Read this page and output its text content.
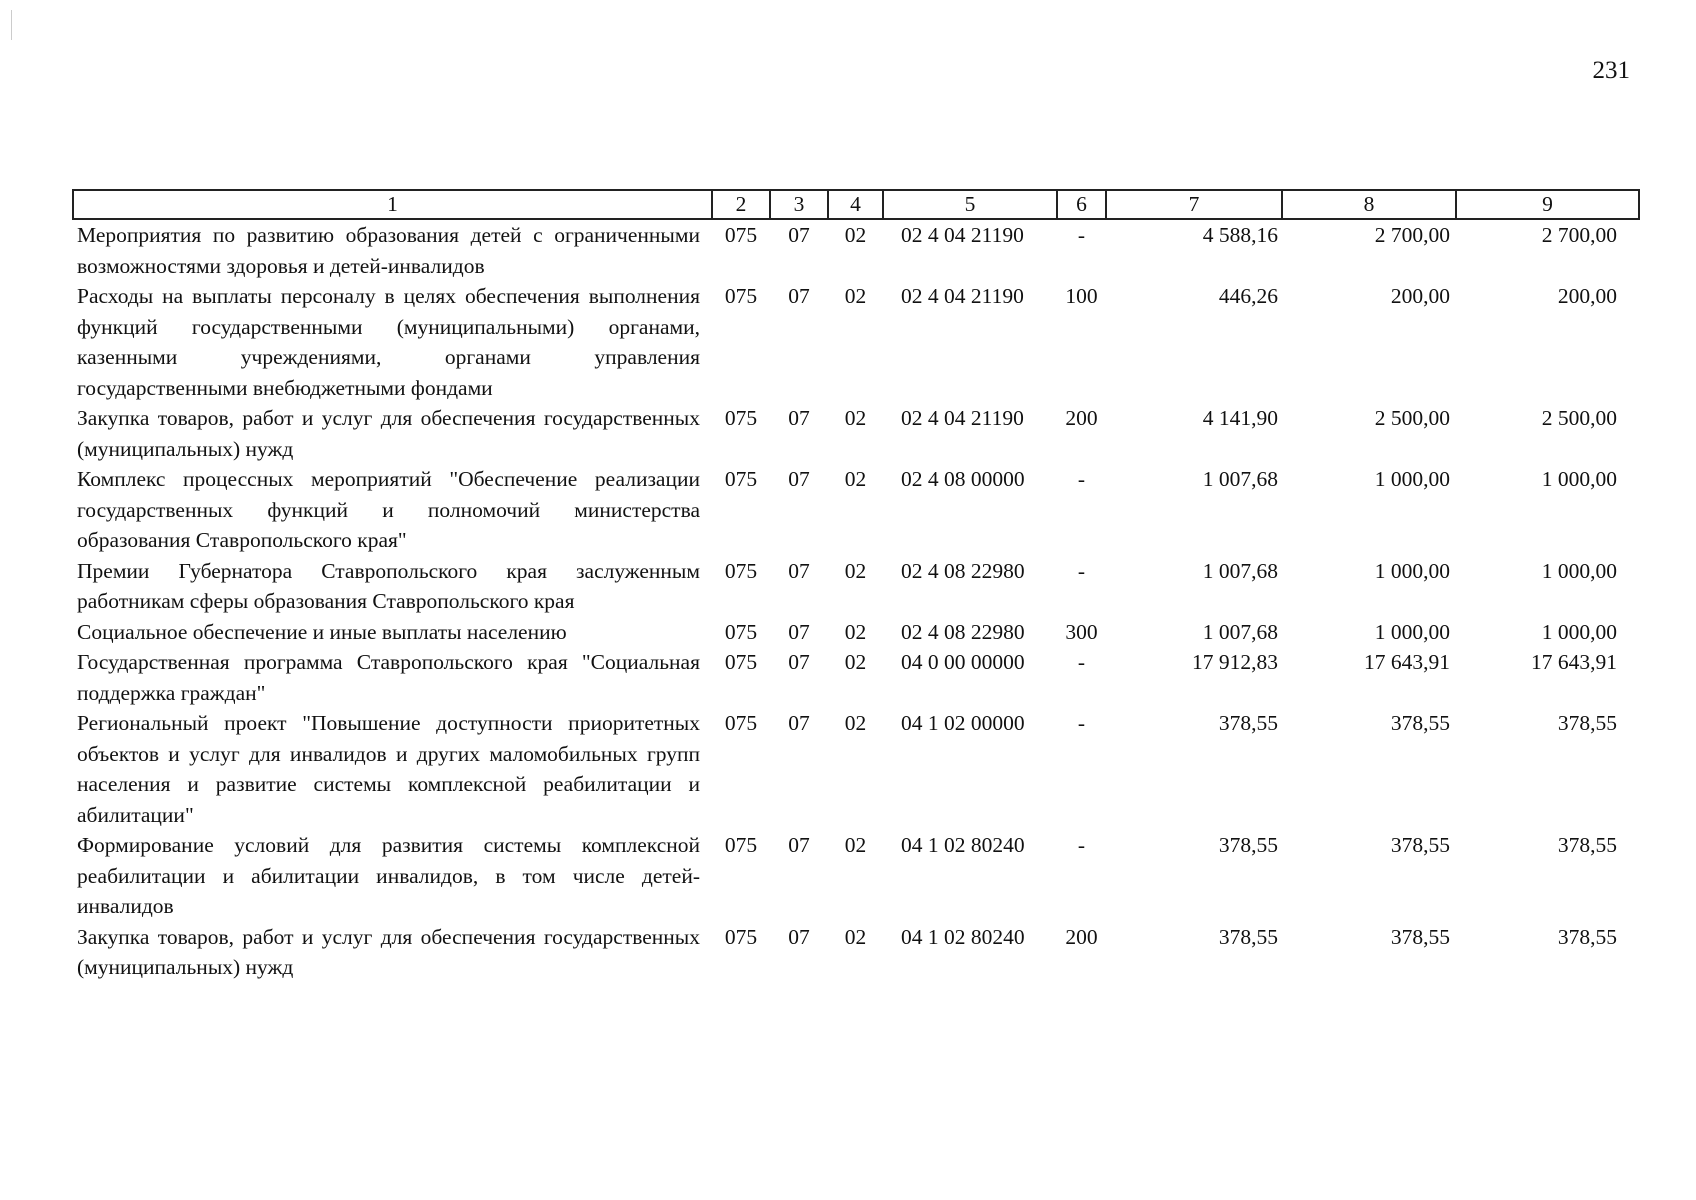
231
1	2	3	4	5	6	7	8	9
Мероприятия по развитию образования детей с ограниченными возможностями здоровья и детей-инвалидов	075	07	02	02 4 04 21190	-	4 588,16	2 700,00	2 700,00
Расходы на выплаты персоналу в целях обеспечения выполнения функций государственными (муниципальными) органами, казенными учреждениями, органами управления государственными внебюджетными фондами	075	07	02	02 4 04 21190	100	446,26	200,00	200,00
Закупка товаров, работ и услуг для обеспечения государственных (муниципальных) нужд	075	07	02	02 4 04 21190	200	4 141,90	2 500,00	2 500,00
Комплекс процессных мероприятий "Обеспечение реализации государственных функций и полномочий министерства образования Ставропольского края"	075	07	02	02 4 08 00000	-	1 007,68	1 000,00	1 000,00
Премии Губернатора Ставропольского края заслуженным работникам сферы образования Ставропольского края	075	07	02	02 4 08 22980	-	1 007,68	1 000,00	1 000,00
Социальное обеспечение и иные выплаты населению	075	07	02	02 4 08 22980	300	1 007,68	1 000,00	1 000,00
Государственная программа Ставропольского края "Социальная поддержка граждан"	075	07	02	04 0 00 00000	-	17 912,83	17 643,91	17 643,91
Региональный проект "Повышение доступности приоритетных объектов и услуг для инвалидов и других маломобильных групп населения и развитие системы комплексной реабилитации и абилитации"	075	07	02	04 1 02 00000	-	378,55	378,55	378,55
Формирование условий для развития системы комплексной реабилитации и абилитации инвалидов, в том числе детей-инвалидов	075	07	02	04 1 02 80240	-	378,55	378,55	378,55
Закупка товаров, работ и услуг для обеспечения государственных (муниципальных) нужд	075	07	02	04 1 02 80240	200	378,55	378,55	378,55
